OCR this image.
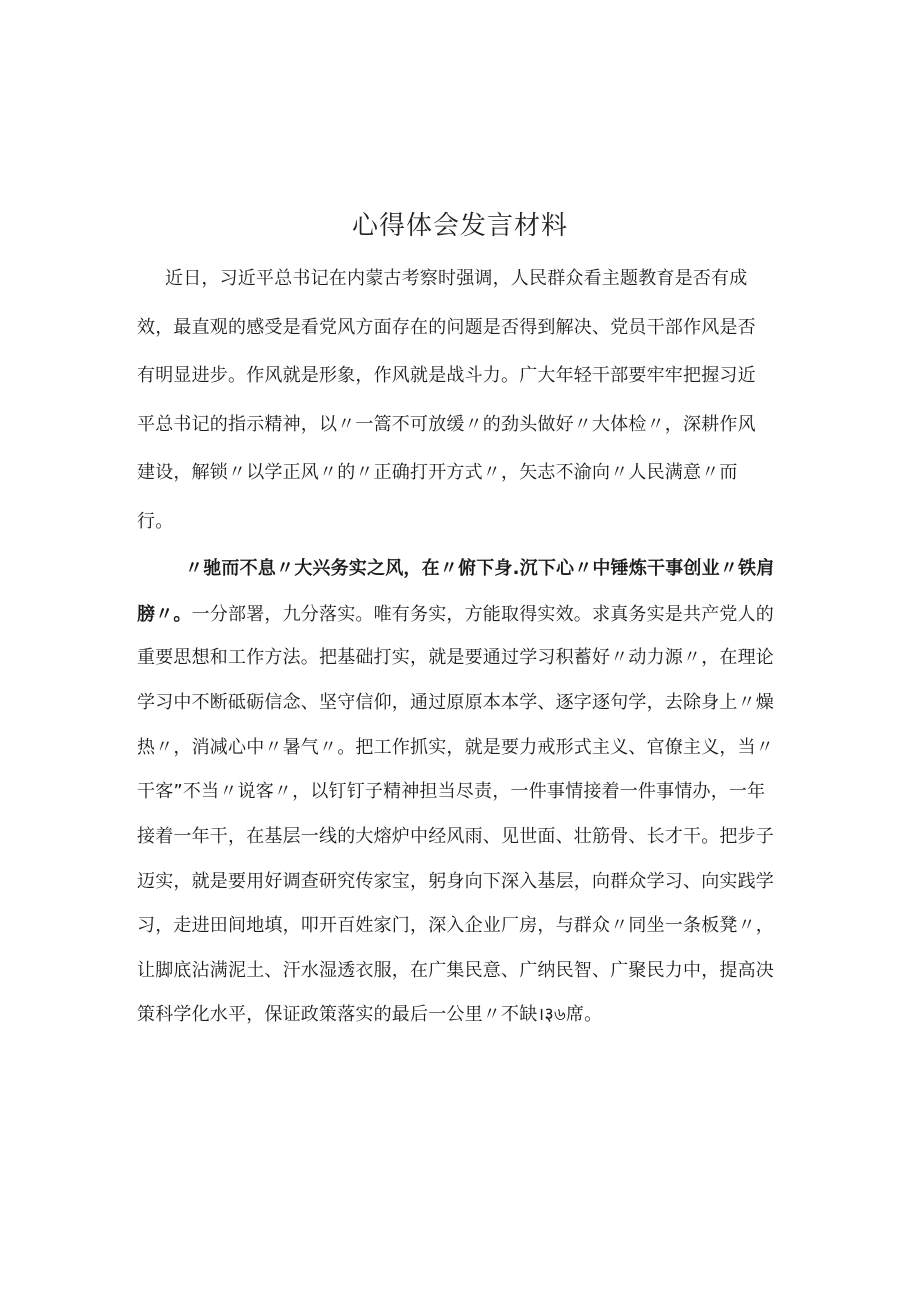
心得体会发言材料
近日，习近平总书记在内蒙古考察时强调，人民群众看主题教育是否有成
效，最直观的感受是看党风方面存在的问题是否得到解决、党员干部作风是否
有明显进步。作风就是形象，作风就是战斗力。广大年轻干部要牢牢把握习近
平总书记的指示精神，以〃一篙不可放缓〃的劲头做好〃大体检〃，深耕作风
建设，解锁〃以学正风〃的〃正确打开方式〃，矢志不渝向〃人民满意〃而
行。
〃驰而不息〃大兴务实之风，在〃俯下身.沉下心〃中锤炼干事创业〃铁肩
膀〃。一分部署，九分落实。唯有务实，方能取得实效。求真务实是共产党人的
重要思想和工作方法。把基础打实，就是要通过学习积蓄好〃动力源〃，在理论
学习中不断砥砺信念、坚守信仰，通过原原本本学、逐字逐句学，去除身上〃燥
热〃，消减心中〃暑气〃。把工作抓实，就是要力戒形式主义、官僚主义，当〃
干客”不当〃说客〃，以钉钉子精神担当尽责，一件事情接着一件事情办，一年
接着一年干，在基层一线的大熔炉中经风雨、见世面、壮筋骨、长才干。把步子
迈实，就是要用好调查研究传家宝，躬身向下深入基层，向群众学习、向实践学
习，走进田间地填，叩开百姓家门，深入企业厂房，与群众〃同坐一条板凳〃，
让脚底沾满泥土、汗水湿透衣服，在广集民意、广纳民智、广聚民力中，提高决
策科学化水平，保证政策落实的最后一公里〃不缺।३৬席。
